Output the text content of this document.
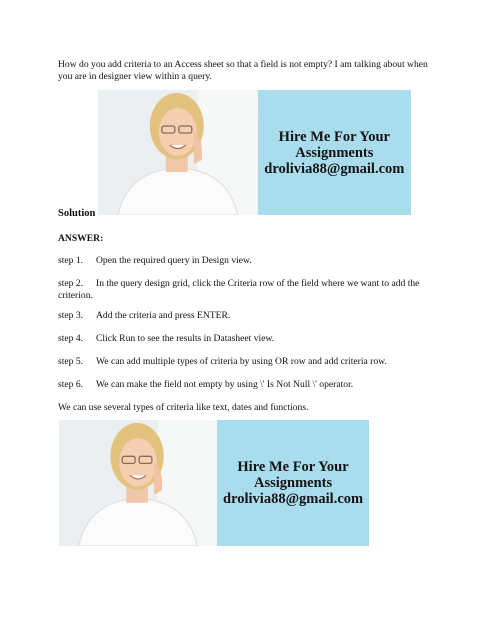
How do you add criteria to an Access sheet so that a field is not empty? I am talking about when you are in designer view within a query.
Hire Me For Your
Assignments
drolivia88@gmail.com
Solution
ANSWER:
step 1. Open the required query in Design view.
step 2. In the query design grid, click the Criteria row of the field where we want to add the criterion.
step 3. Add the criteria and press ENTER.
step 4. Click Run to see the results in Datasheet view.
step 5. We can add multiple types of criteria by using OR row and add criteria row.
step 6. We can make the field not empty by using \' Is Not Null \' operator.
We can use several types of criteria like text, dates and functions.
Hire Me For Your
Assignments
drolivia88@gmail.com
